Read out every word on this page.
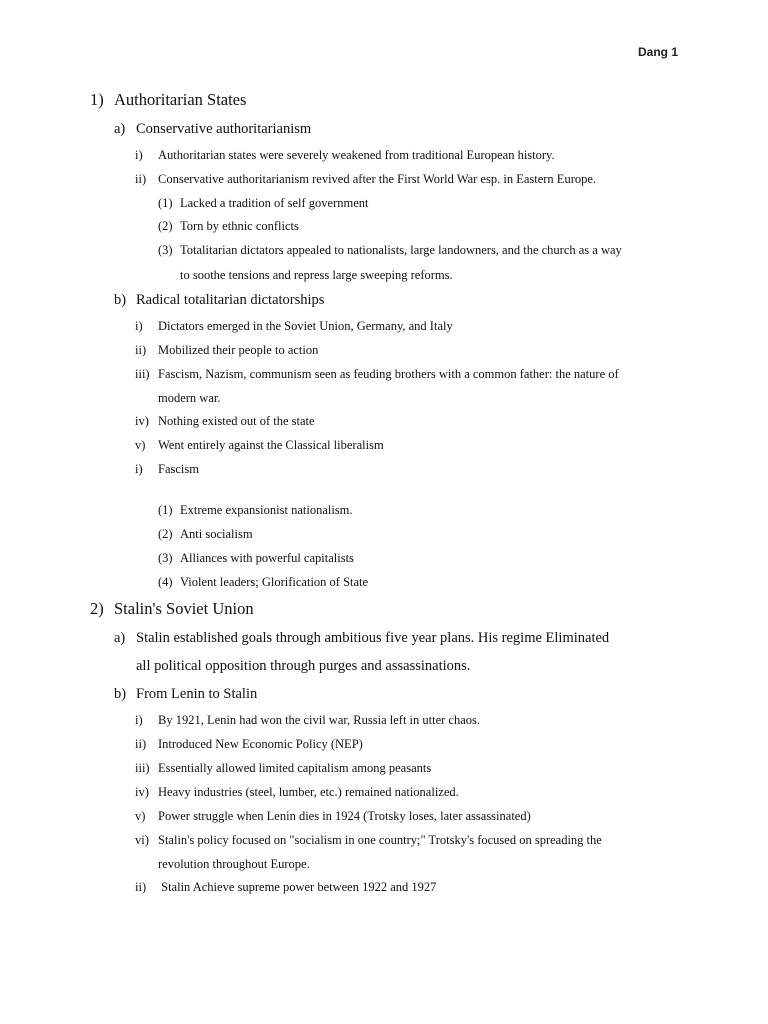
Dang 1
1) Authoritarian States
a) Conservative authoritarianism
i) Authoritarian states were severely weakened from traditional European history.
ii) Conservative authoritarianism revived after the First World War esp. in Eastern Europe.
(1) Lacked a tradition of self government
(2) Torn by ethnic conflicts
(3) Totalitarian dictators appealed to nationalists, large landowners, and the church as a way
to soothe tensions and repress large sweeping reforms.
b) Radical totalitarian dictatorships
i) Dictators emerged in the Soviet Union, Germany, and Italy
ii) Mobilized their people to action
iii) Fascism, Nazism, communism seen as feuding brothers with a common father: the nature of
modern war.
iv) Nothing existed out of the state
v) Went entirely against the Classical liberalism
i) Fascism
(1) Extreme expansionist nationalism.
(2) Anti socialism
(3) Alliances with powerful capitalists
(4) Violent leaders; Glorification of State
2) Stalin's Soviet Union
a) Stalin established goals through ambitious five year plans. His regime Eliminated
all political opposition through purges and assassinations.
b) From Lenin to Stalin
i) By 1921, Lenin had won the civil war, Russia left in utter chaos.
ii) Introduced New Economic Policy (NEP)
iii) Essentially allowed limited capitalism among peasants
iv) Heavy industries (steel, lumber, etc.) remained nationalized.
v) Power struggle when Lenin dies in 1924 (Trotsky loses, later assassinated)
vi) Stalin's policy focused on "socialism in one country;" Trotsky's focused on spreading the
revolution throughout Europe.
ii) Stalin Achieve supreme power between 1922 and 1927
